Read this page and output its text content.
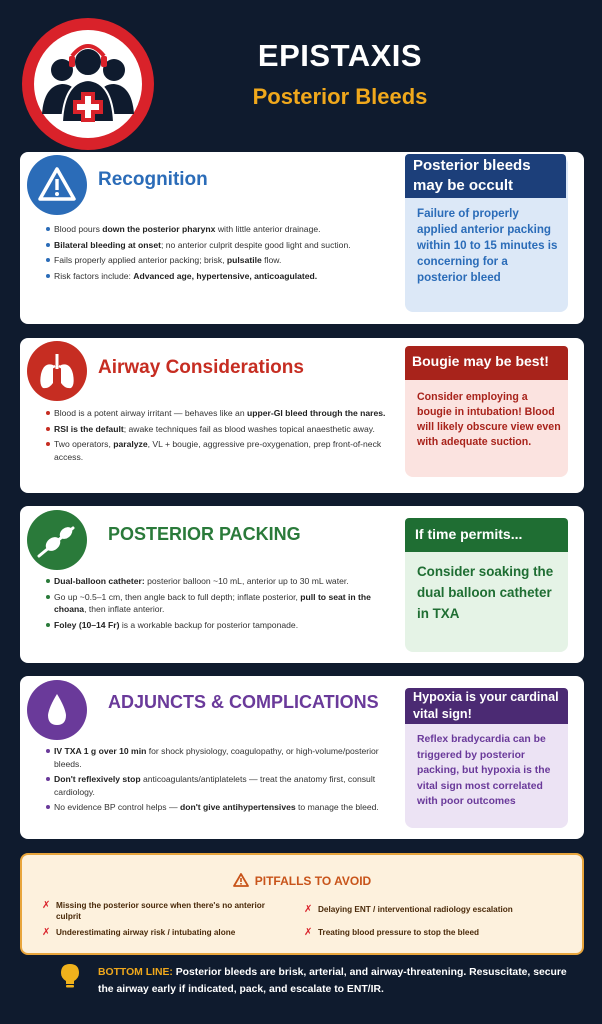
EPISTAXIS
Posterior Bleeds
Recognition
Blood pours down the posterior pharynx with little anterior drainage.
Bilateral bleeding at onset; no anterior culprit despite good light and suction.
Fails properly applied anterior packing; brisk, pulsatile flow.
Risk factors include: Advanced age, hypertensive, anticoagulated.
Posterior bleeds may be occult
Failure of properly applied anterior packing within 10 to 15 minutes is concerning for a posterior bleed
Airway Considerations
Blood is a potent airway irritant — behaves like an upper-GI bleed through the nares.
RSI is the default; awake techniques fail as blood washes topical anaesthetic away.
Two operators, paralyze, VL + bougie, aggressive pre-oxygenation, prep front-of-neck access.
Bougie may be best!
Consider employing a bougie in intubation! Blood will likely obscure view even with adequate suction.
POSTERIOR PACKING
Dual-balloon catheter: posterior balloon ~10 mL, anterior up to 30 mL water.
Go up ~0.5–1 cm, then angle back to full depth; inflate posterior, pull to seat in the choana, then inflate anterior.
Foley (10–14 Fr) is a workable backup for posterior tamponade.
If time permits...
Consider soaking the dual balloon catheter in TXA
ADJUNCTS & COMPLICATIONS
IV TXA 1 g over 10 min for shock physiology, coagulopathy, or high-volume/posterior bleeds.
Don't reflexively stop anticoagulants/antiplatelets — treat the anatomy first, consult cardiology.
No evidence BP control helps — don't give antihypertensives to manage the bleed.
Hypoxia is your cardinal vital sign!
Reflex bradycardia can be triggered by posterior packing, but hypoxia is the vital sign most correlated with poor outcomes
PITFALLS TO AVOID
✗ Missing the posterior source when there's no anterior culprit
✗ Delaying ENT / interventional radiology escalation
✗ Underestimating airway risk / intubating alone	✗ Treating blood pressure to stop the bleed
BOTTOM LINE: Posterior bleeds are brisk, arterial, and airway-threatening. Resuscitate, secure the airway early if indicated, pack, and escalate to ENT/IR.
